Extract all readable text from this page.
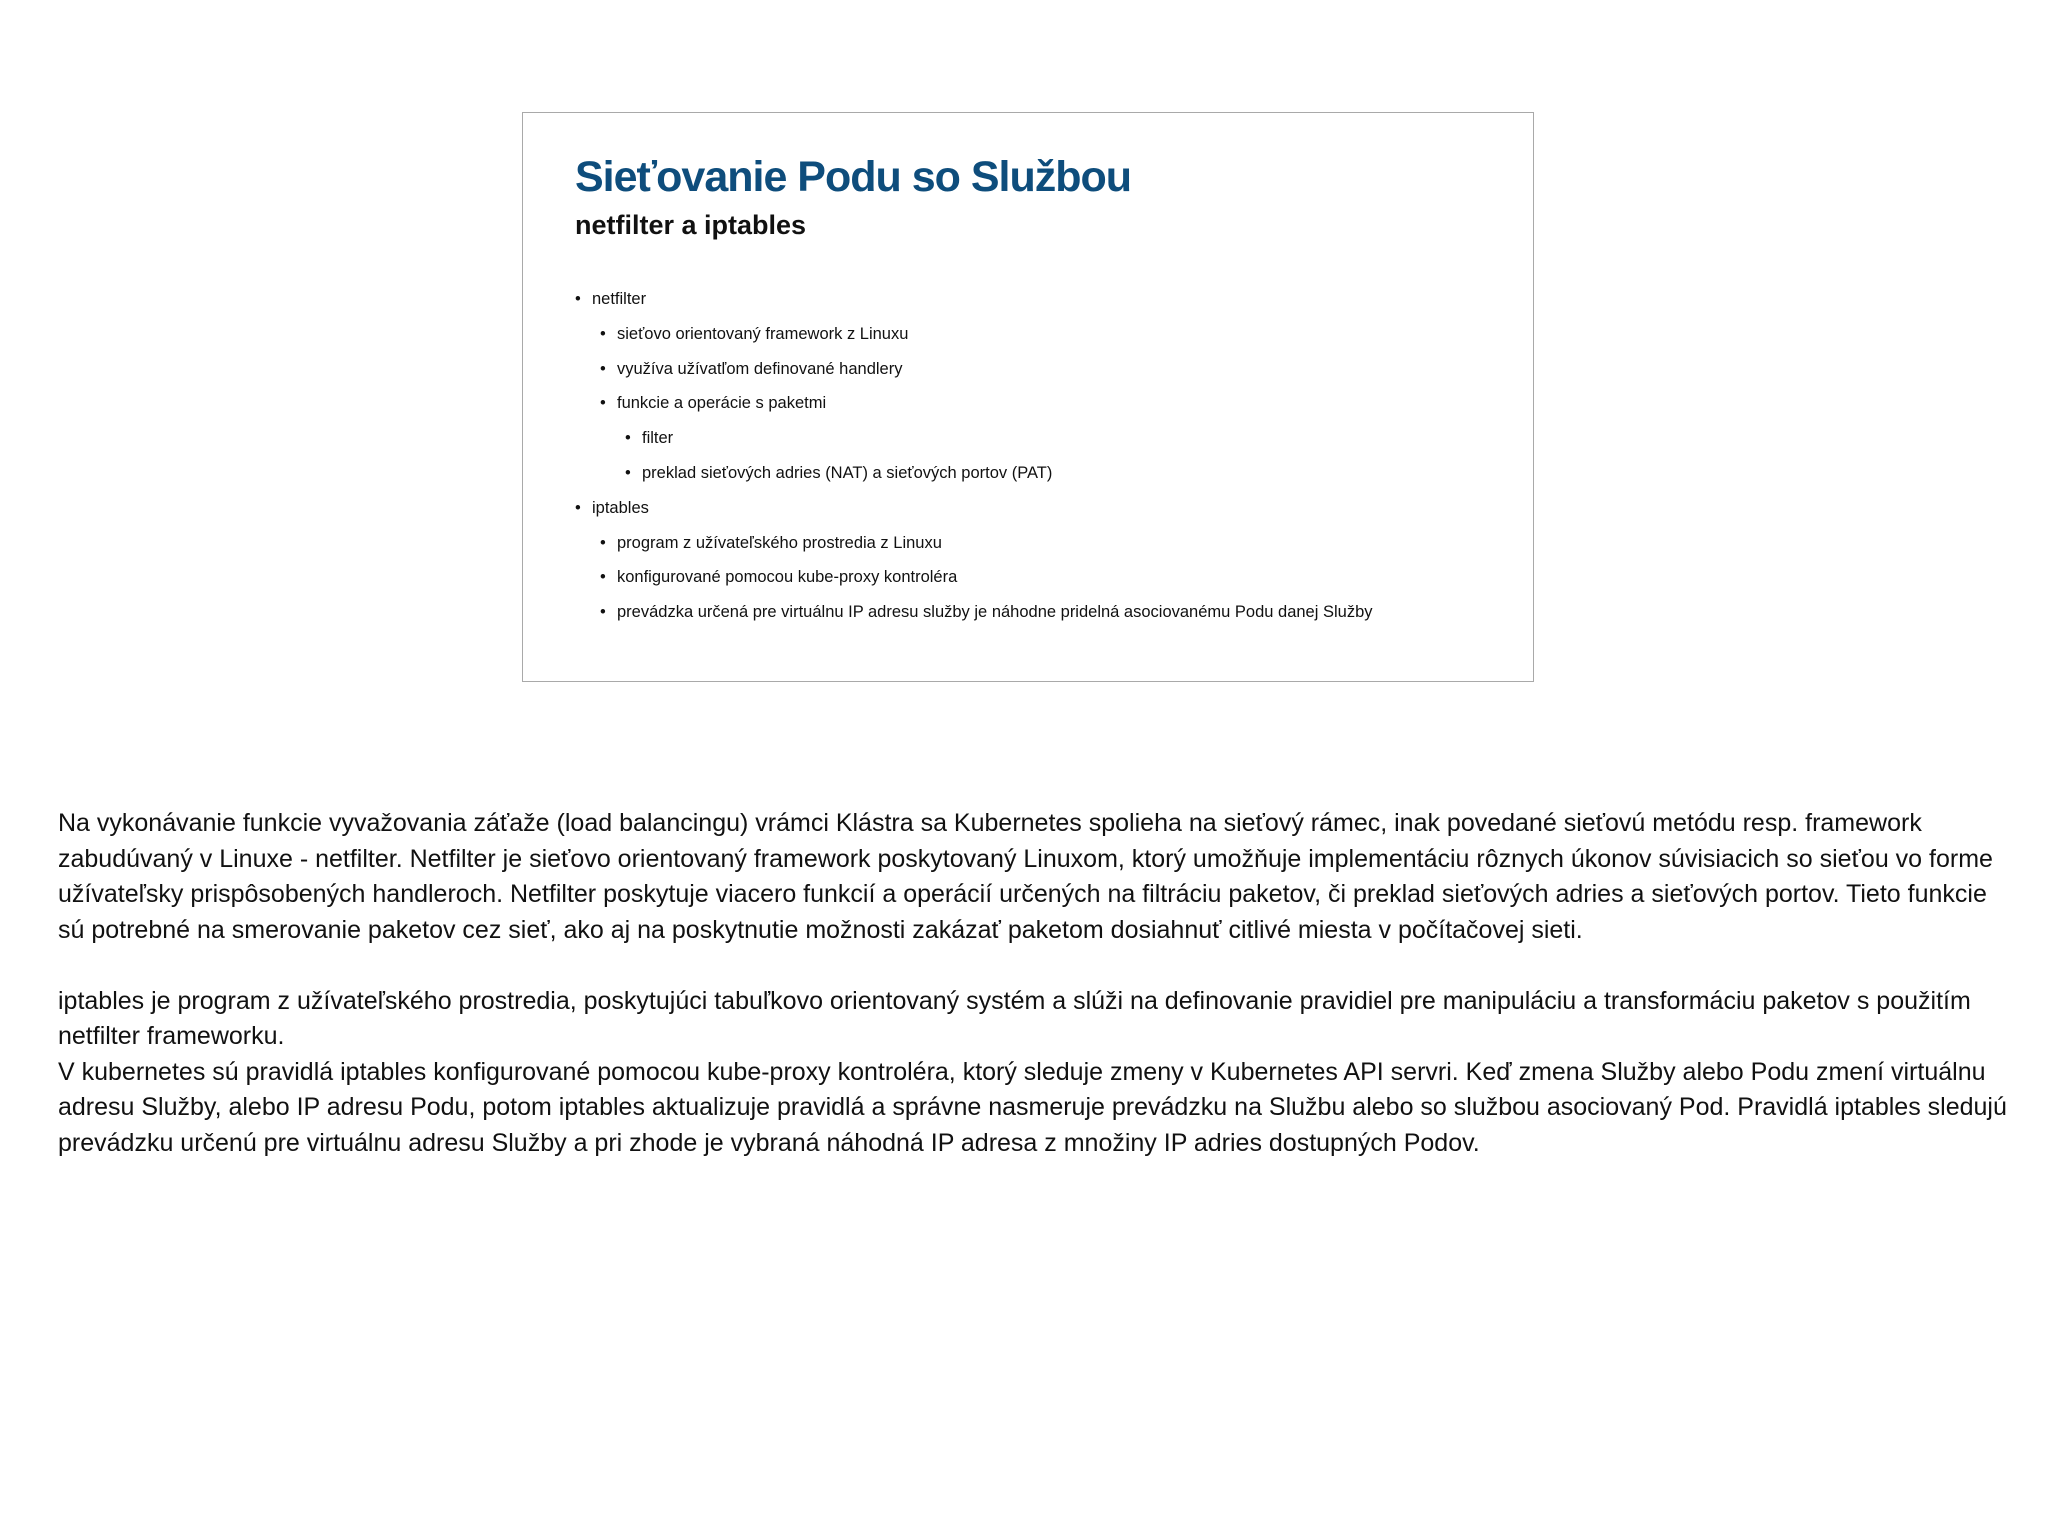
Sieťovanie Podu so Službou
netfilter a iptables
• netfilter
• sieťovo orientovaný framework z Linuxu
• využíva užívatľom definované handlery
• funkcie a operácie s paketmi
• filter
• preklad sieťových adries (NAT) a sieťových portov (PAT)
• iptables
• program z užívateľského prostredia z Linuxu
• konfigurované pomocou kube-proxy kontroléra
• prevádzka určená pre virtuálnu IP adresu služby je náhodne pridelná asociovanému Podu danej Služby

Na vykonávanie funkcie vyvažovania záťaže (load balancingu) vrámci Klástra sa Kubernetes spolieha na sieťový rámec, inak povedané sieťovú metódu resp. framework zabudúvaný v Linuxe - netfilter. Netfilter je sieťovo orientovaný framework poskytovaný Linuxom, ktorý umožňuje implementáciu rôznych úkonov súvisiacich so sieťou vo forme užívateľsky prispôsobených handleroch. Netfilter poskytuje viacero funkcií a operácií určených na filtráciu paketov, či preklad sieťových adries a sieťových portov. Tieto funkcie sú potrebné na smerovanie paketov cez sieť, ako aj na poskytnutie možnosti zakázať paketom dosiahnuť citlivé miesta v počítačovej sieti.

iptables je program z užívateľského prostredia, poskytujúci tabuľkovo orientovaný systém a slúži na definovanie pravidiel pre manipuláciu a transformáciu paketov s použitím netfilter frameworku.

V kubernetes sú pravidlá iptables konfigurované pomocou kube-proxy kontroléra, ktorý sleduje zmeny v Kubernetes API servri. Keď zmena Služby alebo Podu zmení virtuálnu adresu Služby, alebo IP adresu Podu, potom iptables aktualizuje pravidlá a správne nasmeruje prevádzku na Službu alebo so službou asociovaný Pod. Pravidlá iptables sledujú prevádzku určenú pre virtuálnu adresu Služby a pri zhode je vybraná náhodná IP adresa z množiny IP adries dostupných Podov.
